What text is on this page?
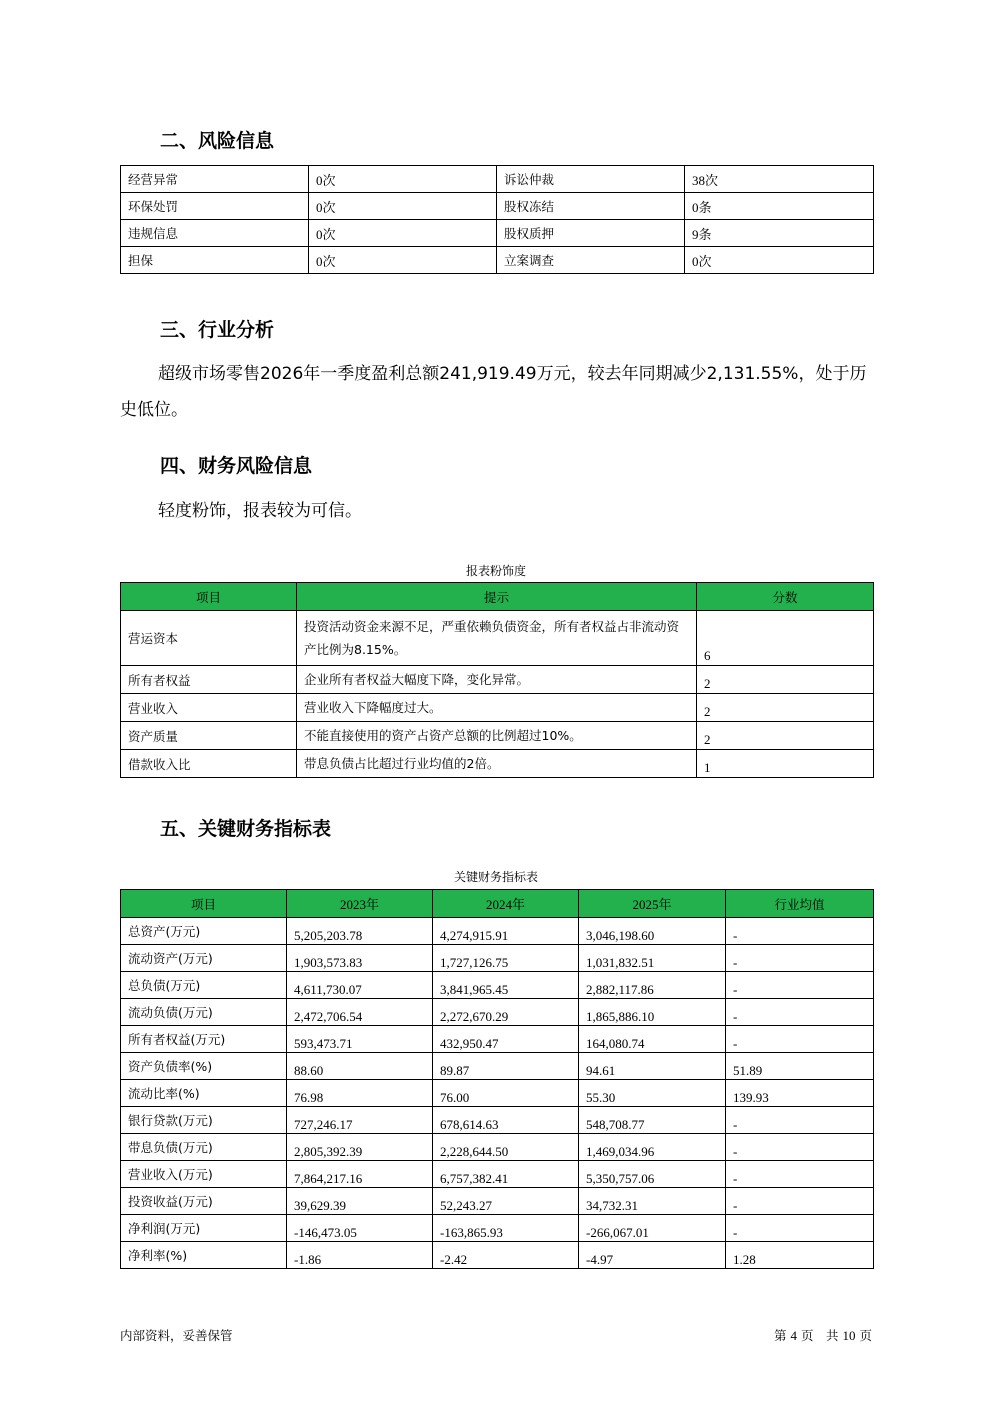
二、风险信息
经营异常	0次	诉讼仲裁	38次
环保处罚	0次	股权冻结	0条
违规信息	0次	股权质押	9条
担保	0次	立案调查	0次
三、行业分析

超级市场零售2026年一季度盈利总额241,919.49万元，较去年同期减少2,131.55%，处于历史低位。

四、财务风险信息

轻度粉饰，报表较为可信。

报表粉饰度
项目	提示	分数
营运资本	投资活动资金来源不足，严重依赖负债资金，所有者权益占非流动资产比例为8.15%。	6
所有者权益	企业所有者权益大幅度下降，变化异常。	2
营业收入	营业收入下降幅度过大。	2
资产质量	不能直接使用的资产占资产总额的比例超过10%。	2
借款收入比	带息负债占比超过行业均值的2倍。	1
五、关键财务指标表
关键财务指标表
项目	2023年	2024年	2025年	行业均值
总资产(万元)	5,205,203.78	4,274,915.91	3,046,198.60	-
流动资产(万元)	1,903,573.83	1,727,126.75	1,031,832.51	-
总负债(万元)	4,611,730.07	3,841,965.45	2,882,117.86	-
流动负债(万元)	2,472,706.54	2,272,670.29	1,865,886.10	-
所有者权益(万元)	593,473.71	432,950.47	164,080.74	-
资产负债率(%)	88.60	89.87	94.61	51.89
流动比率(%)	76.98	76.00	55.30	139.93
银行贷款(万元)	727,246.17	678,614.63	548,708.77	-
带息负债(万元)	2,805,392.39	2,228,644.50	1,469,034.96	-
营业收入(万元)	7,864,217.16	6,757,382.41	5,350,757.06	-
投资收益(万元)	39,629.39	52,243.27	34,732.31	-
净利润(万元)	-146,473.05	-163,865.93	-266,067.01	-
净利率(%)	-1.86	-2.42	-4.97	1.28
内部资料，妥善保管	第 4 页　共 10 页
